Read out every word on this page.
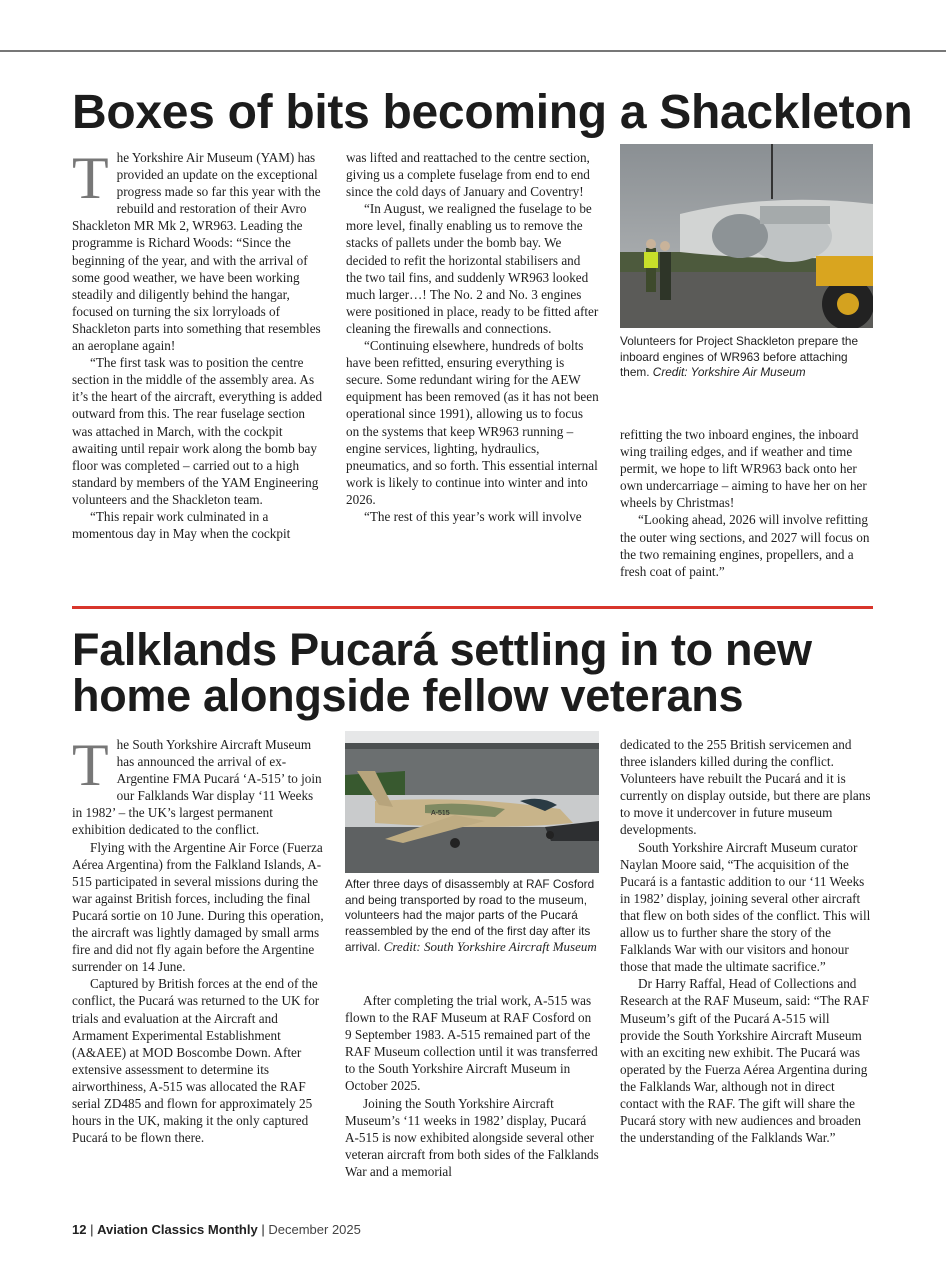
Boxes of bits becoming a Shackleton

The Yorkshire Air Museum (YAM) has provided an update on the exceptional progress made so far this year with the rebuild and restoration of their Avro Shackleton MR Mk 2, WR963. Leading the programme is Richard Woods: “Since the beginning of the year, and with the arrival of some good weather, we have been working steadily and diligently behind the hangar, focused on turning the six lorryloads of Shackleton parts into something that resembles an aeroplane again!

“The first task was to position the centre section in the middle of the assembly area. As it’s the heart of the aircraft, everything is added outward from this. The rear fuselage section was attached in March, with the cockpit awaiting until repair work along the bomb bay floor was completed – carried out to a high standard by members of the YAM Engineering volunteers and the Shackleton team.

“This repair work culminated in a momentous day in May when the cockpit

was lifted and reattached to the centre section, giving us a complete fuselage from end to end since the cold days of January and Coventry!

“In August, we realigned the fuselage to be more level, finally enabling us to remove the stacks of pallets under the bomb bay. We decided to refit the horizontal stabilisers and the two tail fins, and suddenly WR963 looked much larger…! The No. 2 and No. 3 engines were positioned in place, ready to be fitted after cleaning the firewalls and connections.

“Continuing elsewhere, hundreds of bolts have been refitted, ensuring everything is secure. Some redundant wiring for the AEW equipment has been removed (as it has not been operational since 1991), allowing us to focus on the systems that keep WR963 running – engine services, lighting, hydraulics, pneumatics, and so forth. This essential internal work is likely to continue into winter and into 2026.

“The rest of this year’s work will involve

Volunteers for Project Shackleton prepare the inboard engines of WR963 before attaching them. Credit: Yorkshire Air Museum

refitting the two inboard engines, the inboard wing trailing edges, and if weather and time permit, we hope to lift WR963 back onto her own undercarriage – aiming to have her on her wheels by Christmas!

“Looking ahead, 2026 will involve refitting the outer wing sections, and 2027 will focus on the two remaining engines, propellers, and a fresh coat of paint.”

Falklands Pucará settling in to new home alongside fellow veterans

The South Yorkshire Aircraft Museum has announced the arrival of ex-Argentine FMA Pucará ‘A-515’ to join our Falklands War display ‘11 Weeks in 1982’ – the UK’s largest permanent exhibition dedicated to the conflict.

Flying with the Argentine Air Force (Fuerza Aérea Argentina) from the Falkland Islands, A-515 participated in several missions during the war against British forces, including the final Pucará sortie on 10 June. During this operation, the aircraft was lightly damaged by small arms fire and did not fly again before the Argentine surrender on 14 June.

Captured by British forces at the end of the conflict, the Pucará was returned to the UK for trials and evaluation at the Aircraft and Armament Experimental Establishment (A&AEE) at MOD Boscombe Down. After extensive assessment to determine its airworthiness, A-515 was allocated the RAF serial ZD485 and flown for approximately 25 hours in the UK, making it the only captured Pucará to be flown there.

A-515
After three days of disassembly at RAF Cosford and being transported by road to the museum, volunteers had the major parts of the Pucará reassembled by the end of the first day after its arrival. Credit: South Yorkshire Aircraft Museum

After completing the trial work, A-515 was flown to the RAF Museum at RAF Cosford on 9 September 1983. A-515 remained part of the RAF Museum collection until it was transferred to the South Yorkshire Aircraft Museum in October 2025.

Joining the South Yorkshire Aircraft Museum’s ‘11 weeks in 1982’ display, Pucará A-515 is now exhibited alongside several other veteran aircraft from both sides of the Falklands War and a memorial

dedicated to the 255 British servicemen and three islanders killed during the conflict. Volunteers have rebuilt the Pucará and it is currently on display outside, but there are plans to move it undercover in future museum developments.

South Yorkshire Aircraft Museum curator Naylan Moore said, “The acquisition of the Pucará is a fantastic addition to our ‘11 Weeks in 1982’ display, joining several other aircraft that flew on both sides of the conflict. This will allow us to further share the story of the Falklands War with our visitors and honour those that made the ultimate sacrifice.”

Dr Harry Raffal, Head of Collections and Research at the RAF Museum, said: “The RAF Museum’s gift of the Pucará A-515 will provide the South Yorkshire Aircraft Museum with an exciting new exhibit. The Pucará was operated by the Fuerza Aérea Argentina during the Falklands War, although not in direct contact with the RAF. The gift will share the Pucará story with new audiences and broaden the understanding of the Falklands War.”

12 | Aviation Classics Monthly | December 2025
